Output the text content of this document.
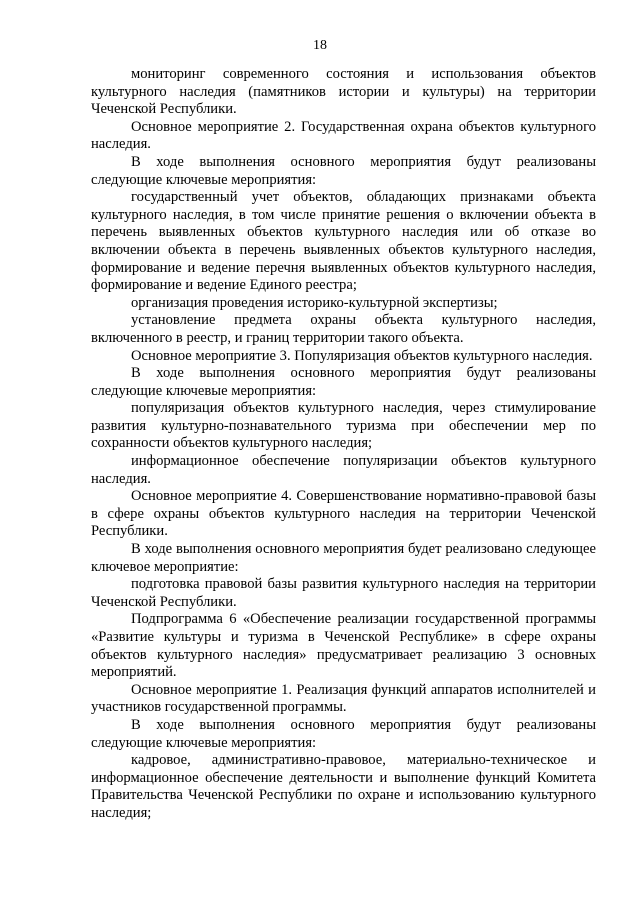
18

мониторинг современного состояния и использования объектов культурного наследия (памятников истории и культуры) на территории Чеченской Республики.

Основное мероприятие 2. Государственная охрана объектов культурного наследия.

В ходе выполнения основного мероприятия будут реализованы следующие ключевые мероприятия:

государственный учет объектов, обладающих признаками объекта культурного наследия, в том числе принятие решения о включении объекта в перечень выявленных объектов культурного наследия или об отказе во включении объекта в перечень выявленных объектов культурного наследия, формирование и ведение перечня выявленных объектов культурного наследия, формирование и ведение Единого реестра;

организация проведения историко-культурной экспертизы;

установление предмета охраны объекта культурного наследия, включенного в реестр, и границ территории такого объекта.

Основное мероприятие 3. Популяризация объектов культурного наследия.

В ходе выполнения основного мероприятия будут реализованы следующие ключевые мероприятия:

популяризация объектов культурного наследия, через стимулирование развития культурно-познавательного туризма при обеспечении мер по сохранности объектов культурного наследия;

информационное обеспечение популяризации объектов культурного наследия.

Основное мероприятие 4. Совершенствование нормативно-правовой базы в сфере охраны объектов культурного наследия на территории Чеченской Республики.

В ходе выполнения основного мероприятия будет реализовано следующее ключевое мероприятие:

подготовка правовой базы развития культурного наследия на территории Чеченской Республики.

Подпрограмма 6 «Обеспечение реализации государственной программы «Развитие культуры и туризма в Чеченской Республике» в сфере охраны объектов культурного наследия» предусматривает реализацию 3 основных мероприятий.

Основное мероприятие 1. Реализация функций аппаратов исполнителей и участников государственной программы.

В ходе выполнения основного мероприятия будут реализованы следующие ключевые мероприятия:

кадровое, административно-правовое, материально-техническое и информационное обеспечение деятельности и выполнение функций Комитета Правительства Чеченской Республики по охране и использованию культурного наследия;
